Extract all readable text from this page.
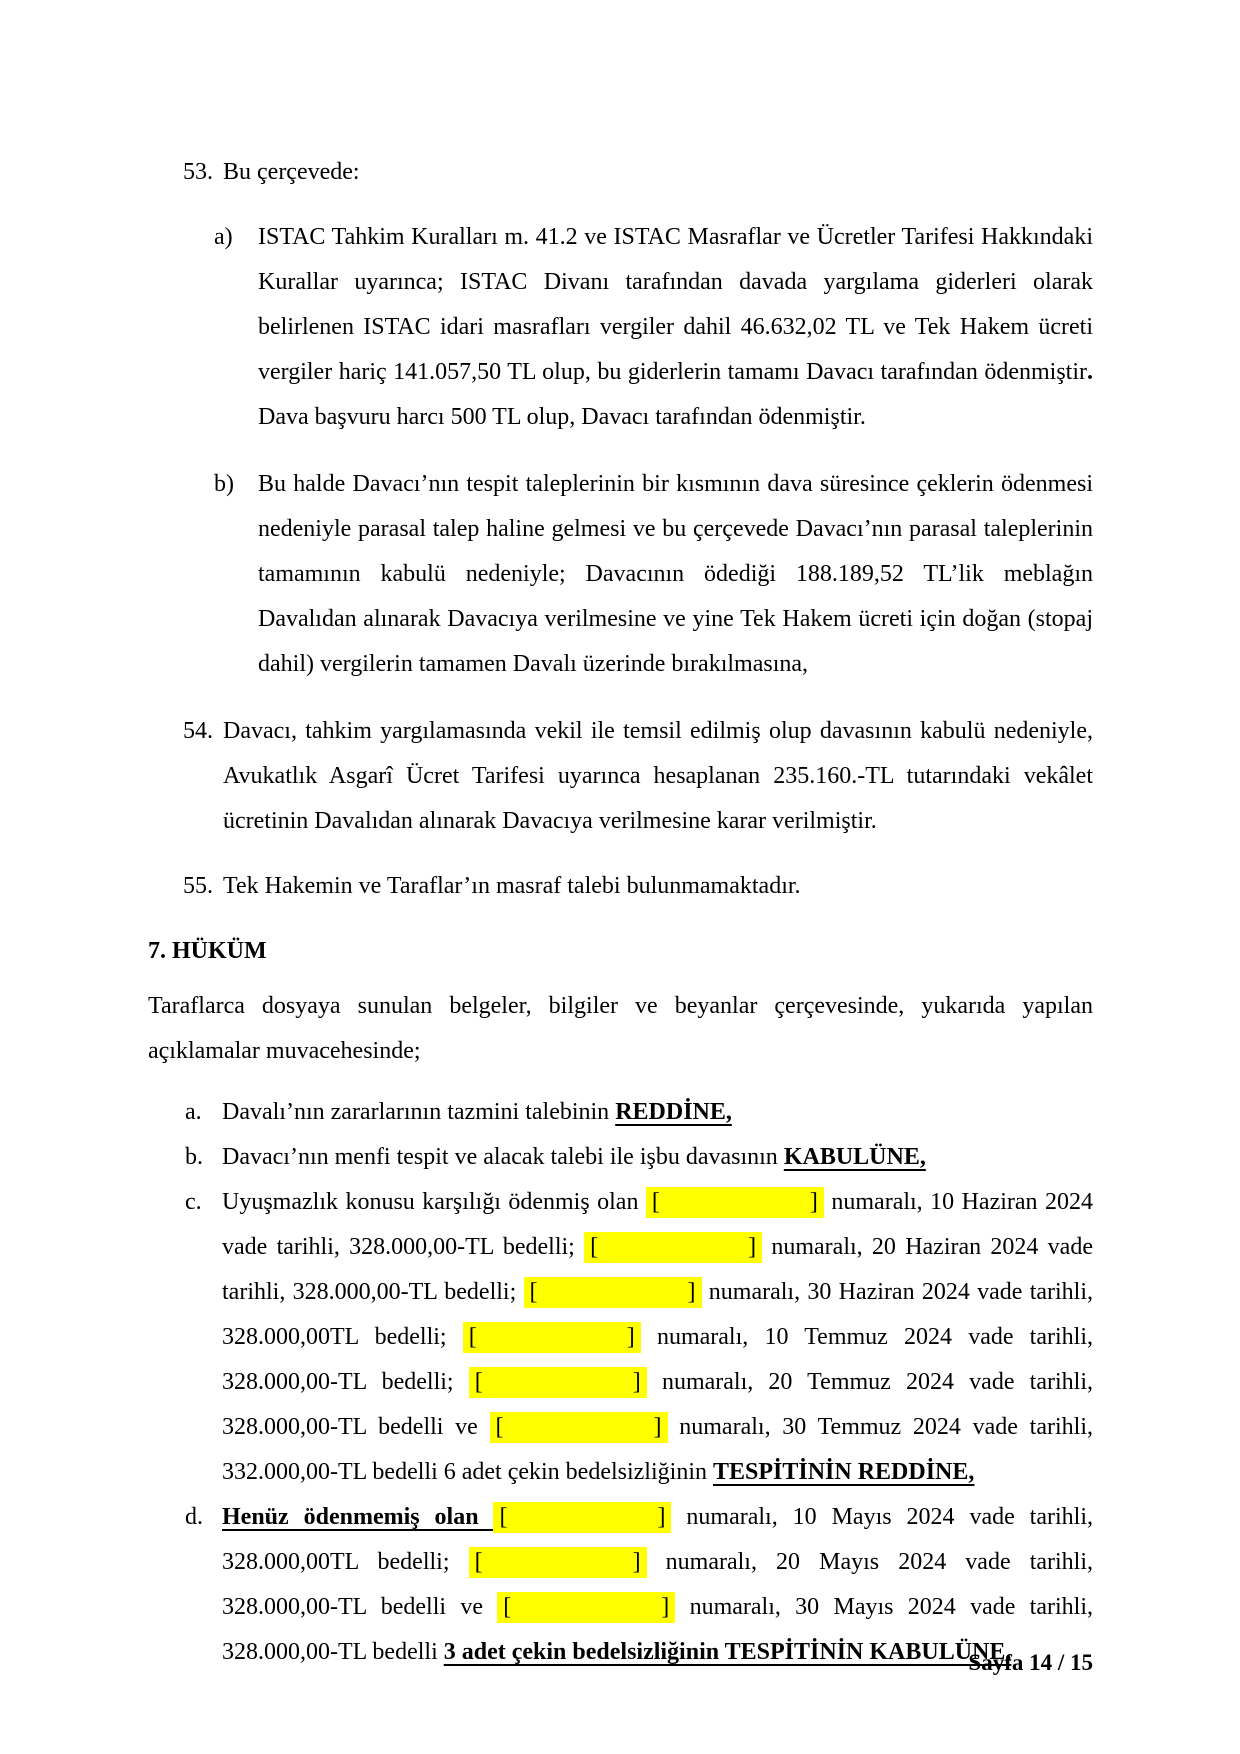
53. Bu çerçevede:
a) ISTAC Tahkim Kuralları m. 41.2 ve ISTAC Masraflar ve Ücretler Tarifesi Hakkındaki Kurallar uyarınca; ISTAC Divanı tarafından davada yargılama giderleri olarak belirlenen ISTAC idari masrafları vergiler dahil 46.632,02 TL ve Tek Hakem ücreti vergiler hariç 141.057,50 TL olup, bu giderlerin tamamı Davacı tarafından ödenmiştir. Dava başvuru harcı 500 TL olup, Davacı tarafından ödenmiştir.
b) Bu halde Davacı’nın tespit taleplerinin bir kısmının dava süresince çeklerin ödenmesi nedeniyle parasal talep haline gelmesi ve bu çerçevede Davacı’nın parasal taleplerinin tamamının kabulü nedeniyle; Davacının ödediği 188.189,52 TL’lik meblağın Davalıdan alınarak Davacıya verilmesine ve yine Tek Hakem ücreti için doğan (stopaj dahil) vergilerin tamamen Davalı üzerinde bırakılmasına,
54. Davacı, tahkim yargılamasında vekil ile temsil edilmiş olup davasının kabulü nedeniyle, Avukatlık Asgarî Ücret Tarifesi uyarınca hesaplanan 235.160.-TL tutarındaki vekâlet ücretinin Davalıdan alınarak Davacıya verilmesine karar verilmiştir.
55. Tek Hakemin ve Taraflar’ın masraf talebi bulunmamaktadır.
7. HÜKÜM

Taraflarca dosyaya sunulan belgeler, bilgiler ve beyanlar çerçevesinde, yukarıda yapılan açıklamalar muvacehesinde;

a. Davalı’nın zararlarının tazmini talebinin REDDİNE,
b. Davacı’nın menfi tespit ve alacak talebi ile işbu davasının KABULÜNE,
c. Uyuşmazlık konusu karşılığı ödenmiş olan [	] numaralı, 10 Haziran 2024 vade tarihli, 328.000,00-TL bedelli; [	] numaralı, 20 Haziran 2024 vade tarihli, 328.000,00-TL bedelli; [	] numaralı, 30 Haziran 2024 vade tarihli, 328.000,00TL bedelli; [	] numaralı, 10 Temmuz 2024 vade tarihli, 328.000,00-TL bedelli; [	] numaralı, 20 Temmuz 2024 vade tarihli, 328.000,00-TL bedelli ve [	] numaralı, 30 Temmuz 2024 vade tarihli, 332.000,00-TL bedelli 6 adet çekin bedelsizliğinin TESPİTİNİN REDDİNE,
d. Henüz ödenmemiş olan [	] numaralı, 10 Mayıs 2024 vade tarihli, 328.000,00TL bedelli; [	] numaralı, 20 Mayıs 2024 vade tarihli, 328.000,00-TL bedelli ve [	] numaralı, 30 Mayıs 2024 vade tarihli, 328.000,00-TL bedelli 3 adet çekin bedelsizliğinin TESPİTİNİN KABULÜNE,
Sayfa 14 / 15
